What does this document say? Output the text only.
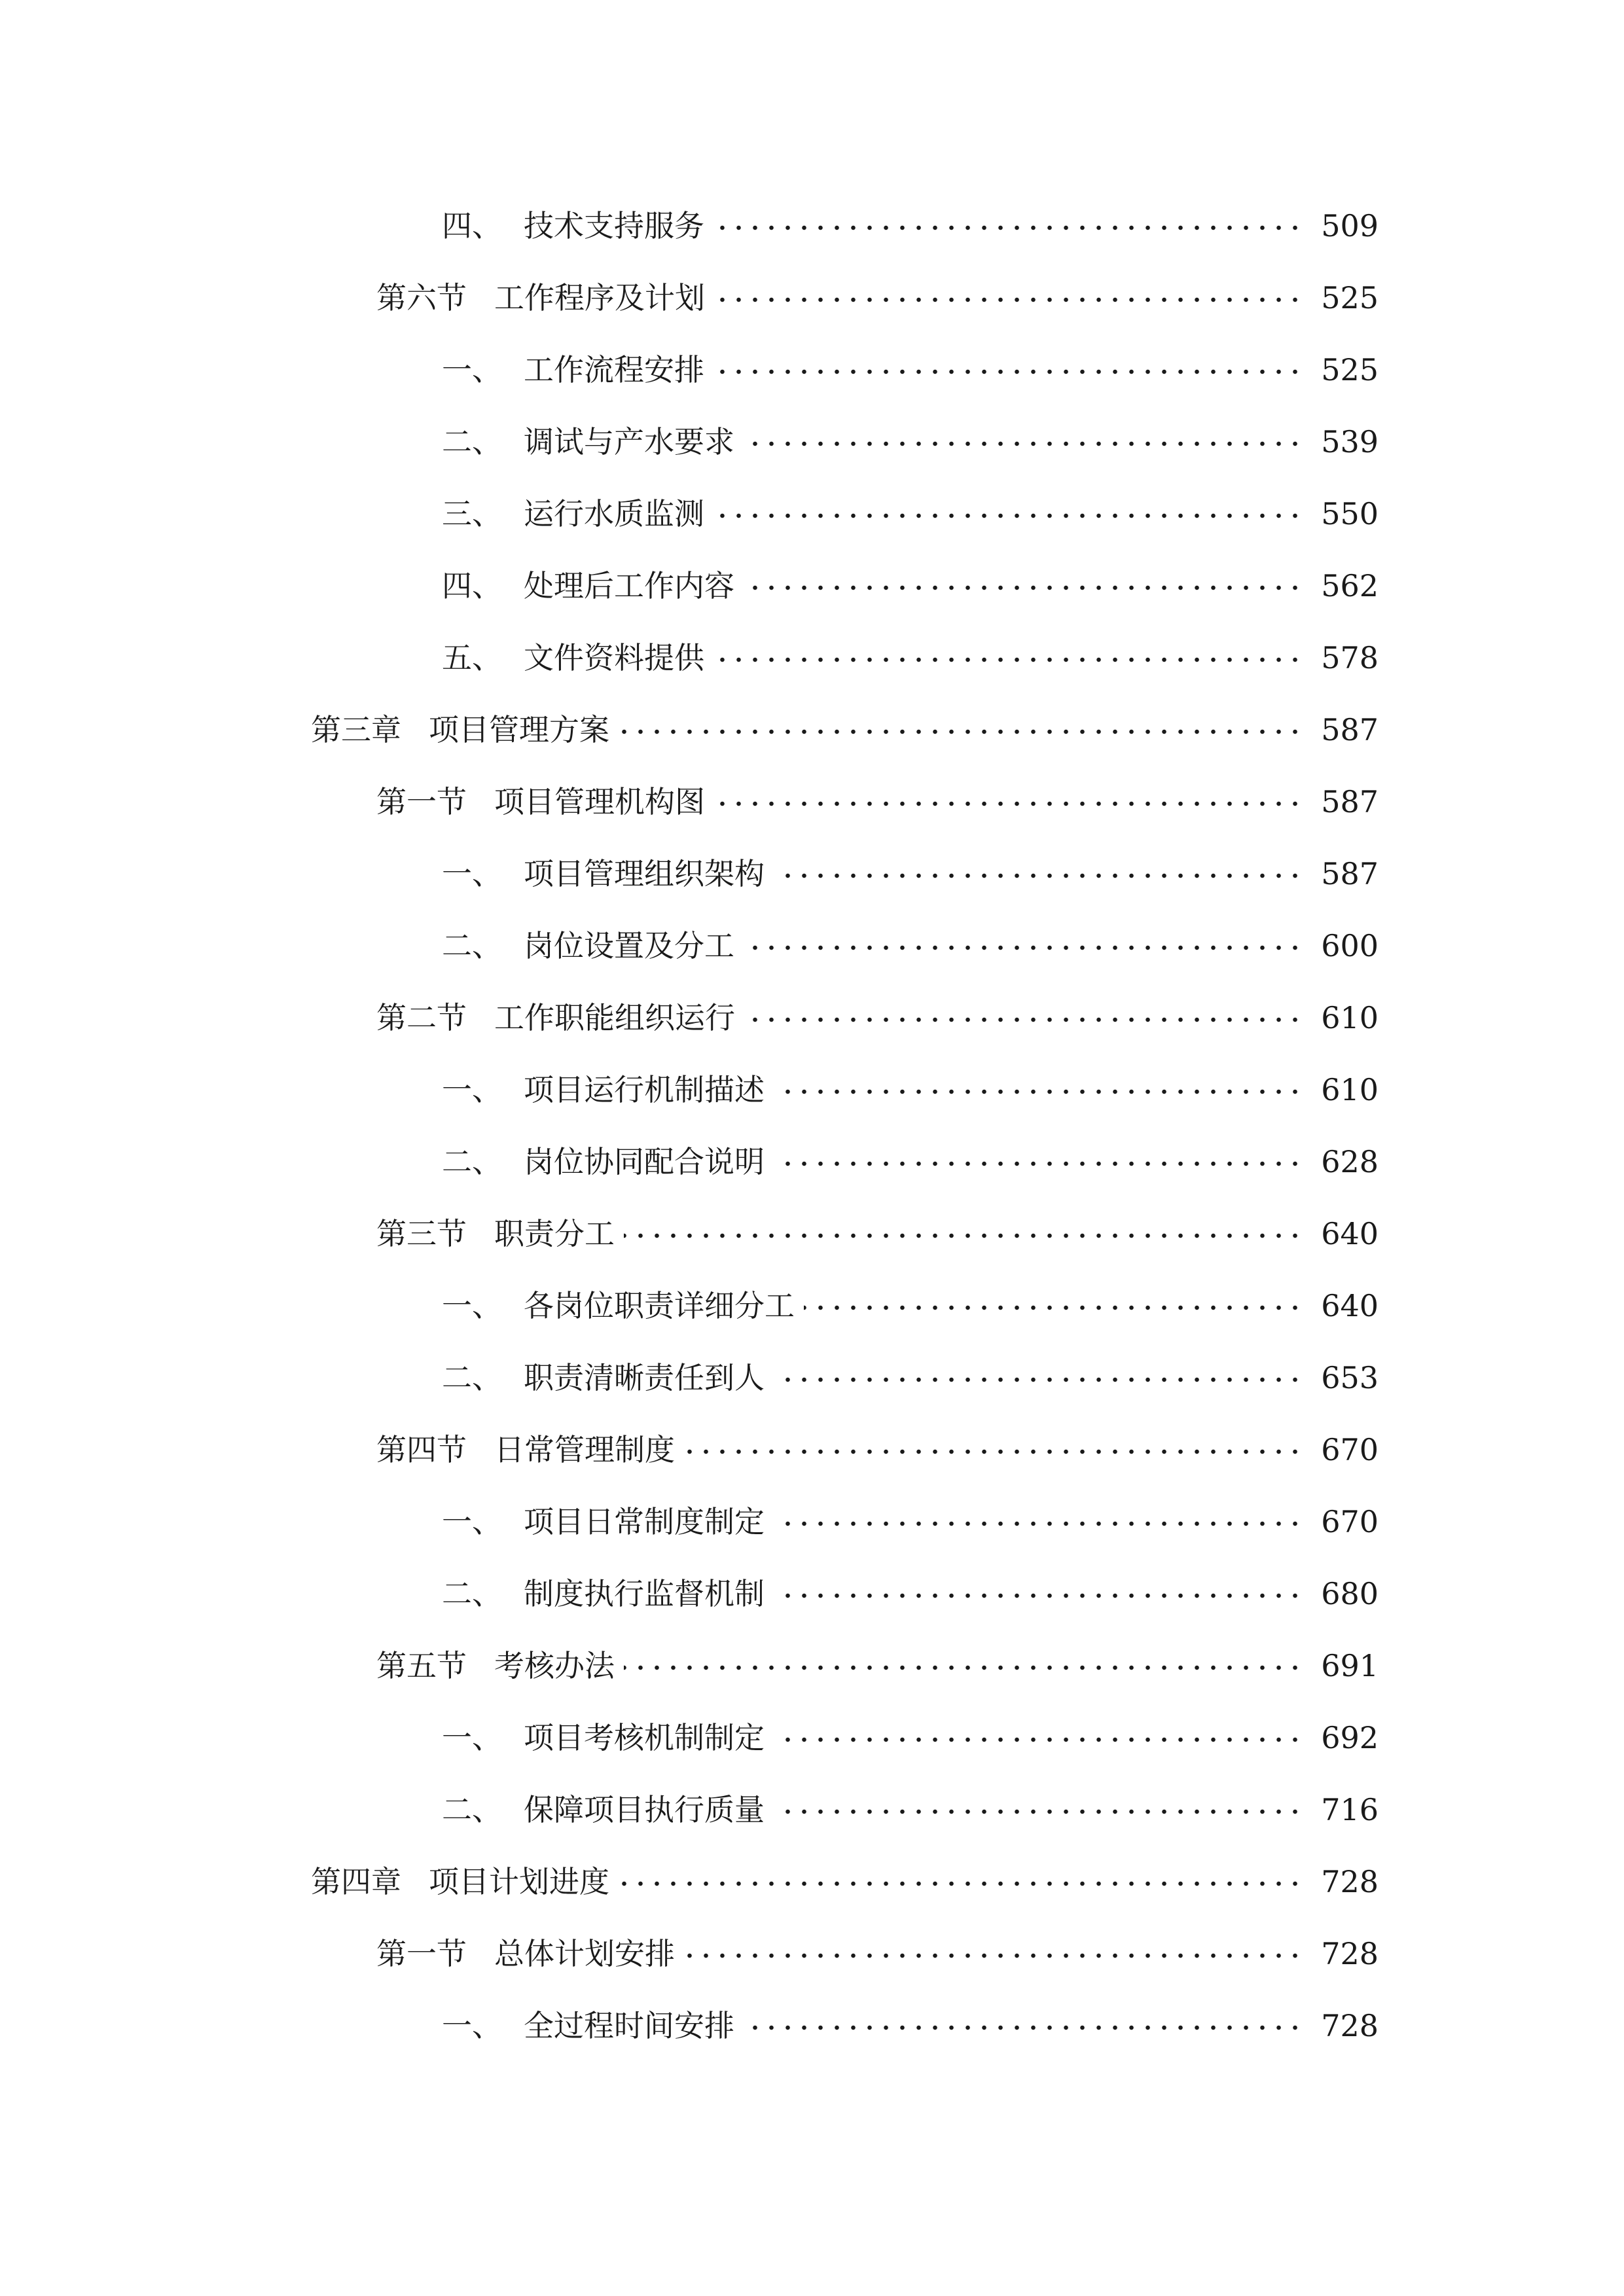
四、 技术支持服务	509
第六节 工作程序及计划	525
一、 工作流程安排	525
二、 调试与产水要求	539
三、 运行水质监测	550
四、 处理后工作内容	562
五、 文件资料提供	578
第三章 项目管理方案	587
第一节 项目管理机构图	587
一、 项目管理组织架构	587
二、 岗位设置及分工	600
第二节 工作职能组织运行	610
一、 项目运行机制描述	610
二、 岗位协同配合说明	628
第三节 职责分工	640
一、 各岗位职责详细分工	640
二、 职责清晰责任到人	653
第四节 日常管理制度	670
一、 项目日常制度制定	670
二、 制度执行监督机制	680
第五节 考核办法	691
一、 项目考核机制制定	692
二、 保障项目执行质量	716
第四章 项目计划进度	728
第一节 总体计划安排	728
一、 全过程时间安排	728
